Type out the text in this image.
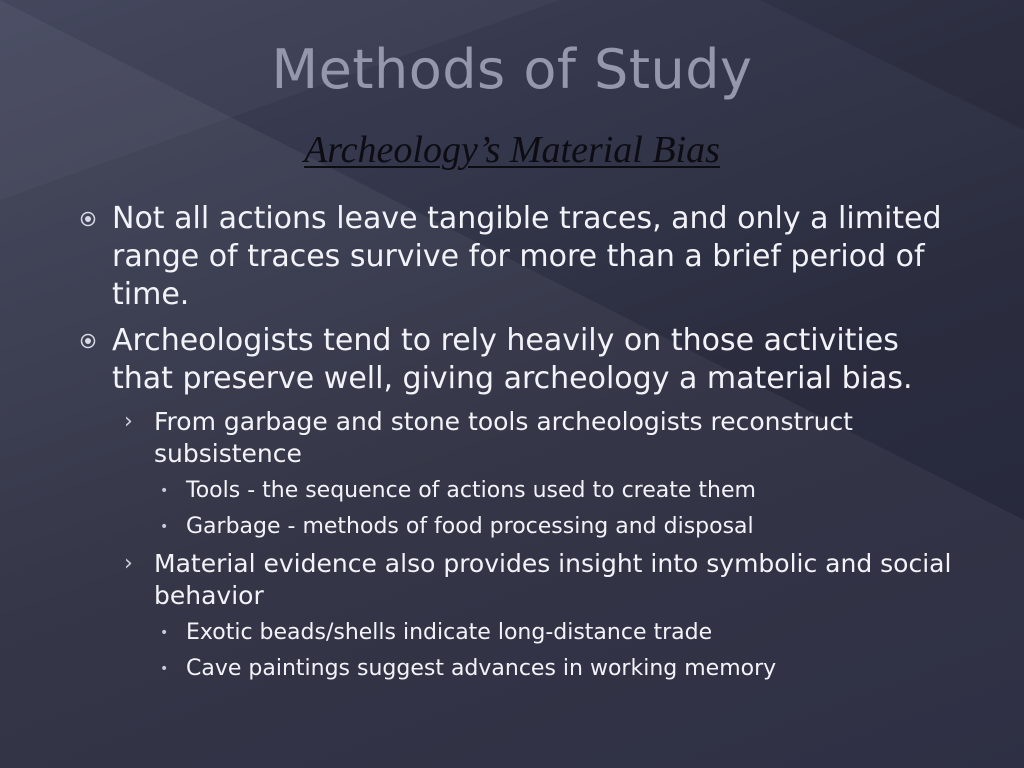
Methods of Study
Archeology’s Material Bias

Not all actions leave tangible traces, and only a limited range of traces survive for more than a brief period of time.

Archeologists tend to rely heavily on those activities that preserve well, giving archeology a material bias.

› From garbage and stone tools archeologists reconstruct subsistence

• Tools - the sequence of actions used to create them

• Garbage - methods of food processing and disposal

› Material evidence also provides insight into symbolic and social behavior

• Exotic beads/shells indicate long-distance trade

• Cave paintings suggest advances in working memory
